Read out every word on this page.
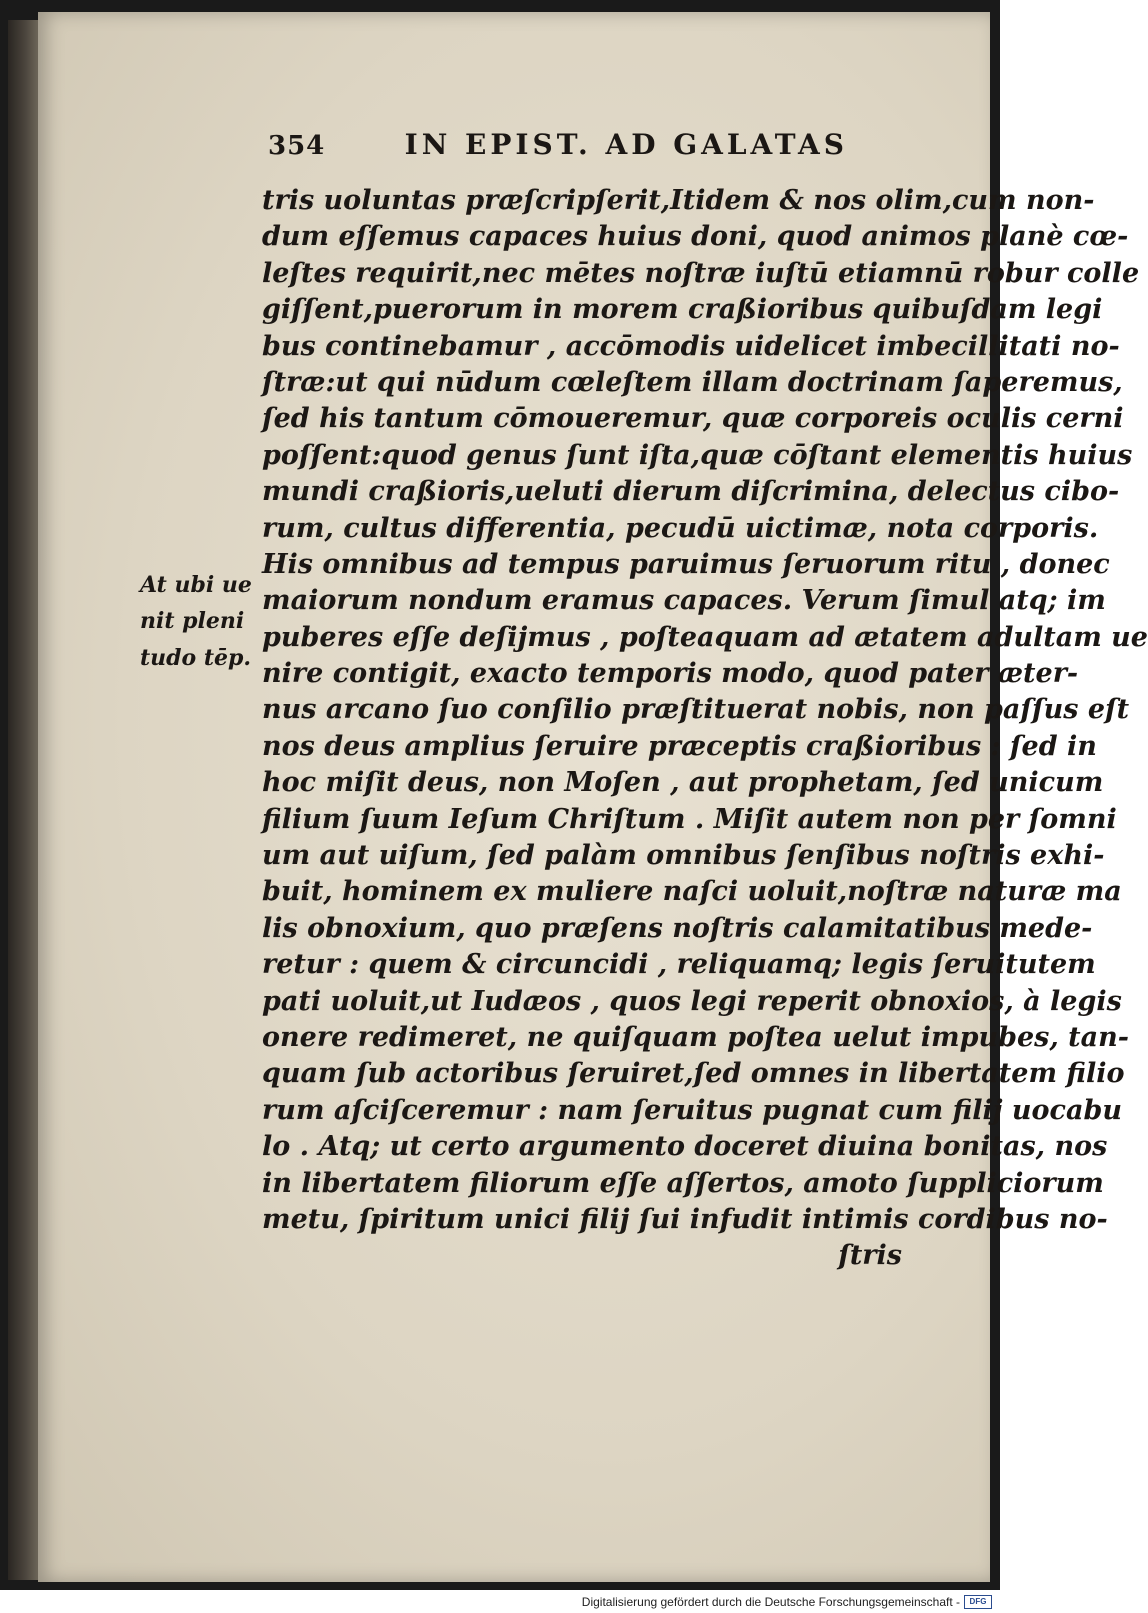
354	IN EPIST. AD GALATAS
At ubi ue
nit pleni
tudo tēp.
tris uoluntas præſcripſerit,Itidem & nos olim,cum non-
dum eſſemus capaces huius doni, quod animos planè cœ-
leſtes requirit,nec mētes noſtræ iuſtū etiamnū robur colle
giſſent,puerorum in morem craßioribus quibuſdam legi
bus continebamur , accōmodis uidelicet imbecillitati no-
ſtræ:ut qui nūdum cœleſtem illam doctrinam ſaperemus,
ſed his tantum cōmoueremur, quæ corporeis oculis cerni
poſſent:quod genus ſunt iſta,quæ cōſtant elementis huius
mundi craßioris,ueluti dierum diſcrimina, delectus cibo-
rum, cultus differentia, pecudū uictimæ, nota corporis.
His omnibus ad tempus paruimus ſeruorum ritu , donec
maiorum nondum eramus capaces. Verum ſimul atq; im
puberes eſſe deſijmus , poſteaquam ad ætatem adultam ue
nire contigit, exacto temporis modo, quod pater æter-
nus arcano ſuo conſilio præſtituerat nobis, non paſſus eſt
nos deus amplius ſeruire præceptis craßioribus : ſed in
hoc miſit deus, non Moſen , aut prophetam, ſed unicum
filium ſuum Ieſum Chriſtum . Miſit autem non per ſomni
um aut uiſum, ſed palàm omnibus ſenſibus noſtris exhi-
buit, hominem ex muliere naſci uoluit,noſtræ naturæ ma
lis obnoxium, quo præſens noſtris calamitatibus mede-
retur : quem & circuncidi , reliquamq; legis ſeruitutem
pati uoluit,ut Iudæos , quos legi reperit obnoxios, à legis
onere redimeret, ne quiſquam poſtea uelut impubes, tan-
quam ſub actoribus ſeruiret,ſed omnes in libertatem filio
rum aſciſceremur : nam ſeruitus pugnat cum filij uocabu
lo . Atq; ut certo argumento doceret diuina bonitas, nos
in libertatem filiorum eſſe aſſertos, amoto ſuppliciorum
metu, ſpiritum unici filij ſui infudit intimis cordibus no-
ſtris
Digitalisierung gefördert durch die Deutsche Forschungsgemeinschaft -	DFG
